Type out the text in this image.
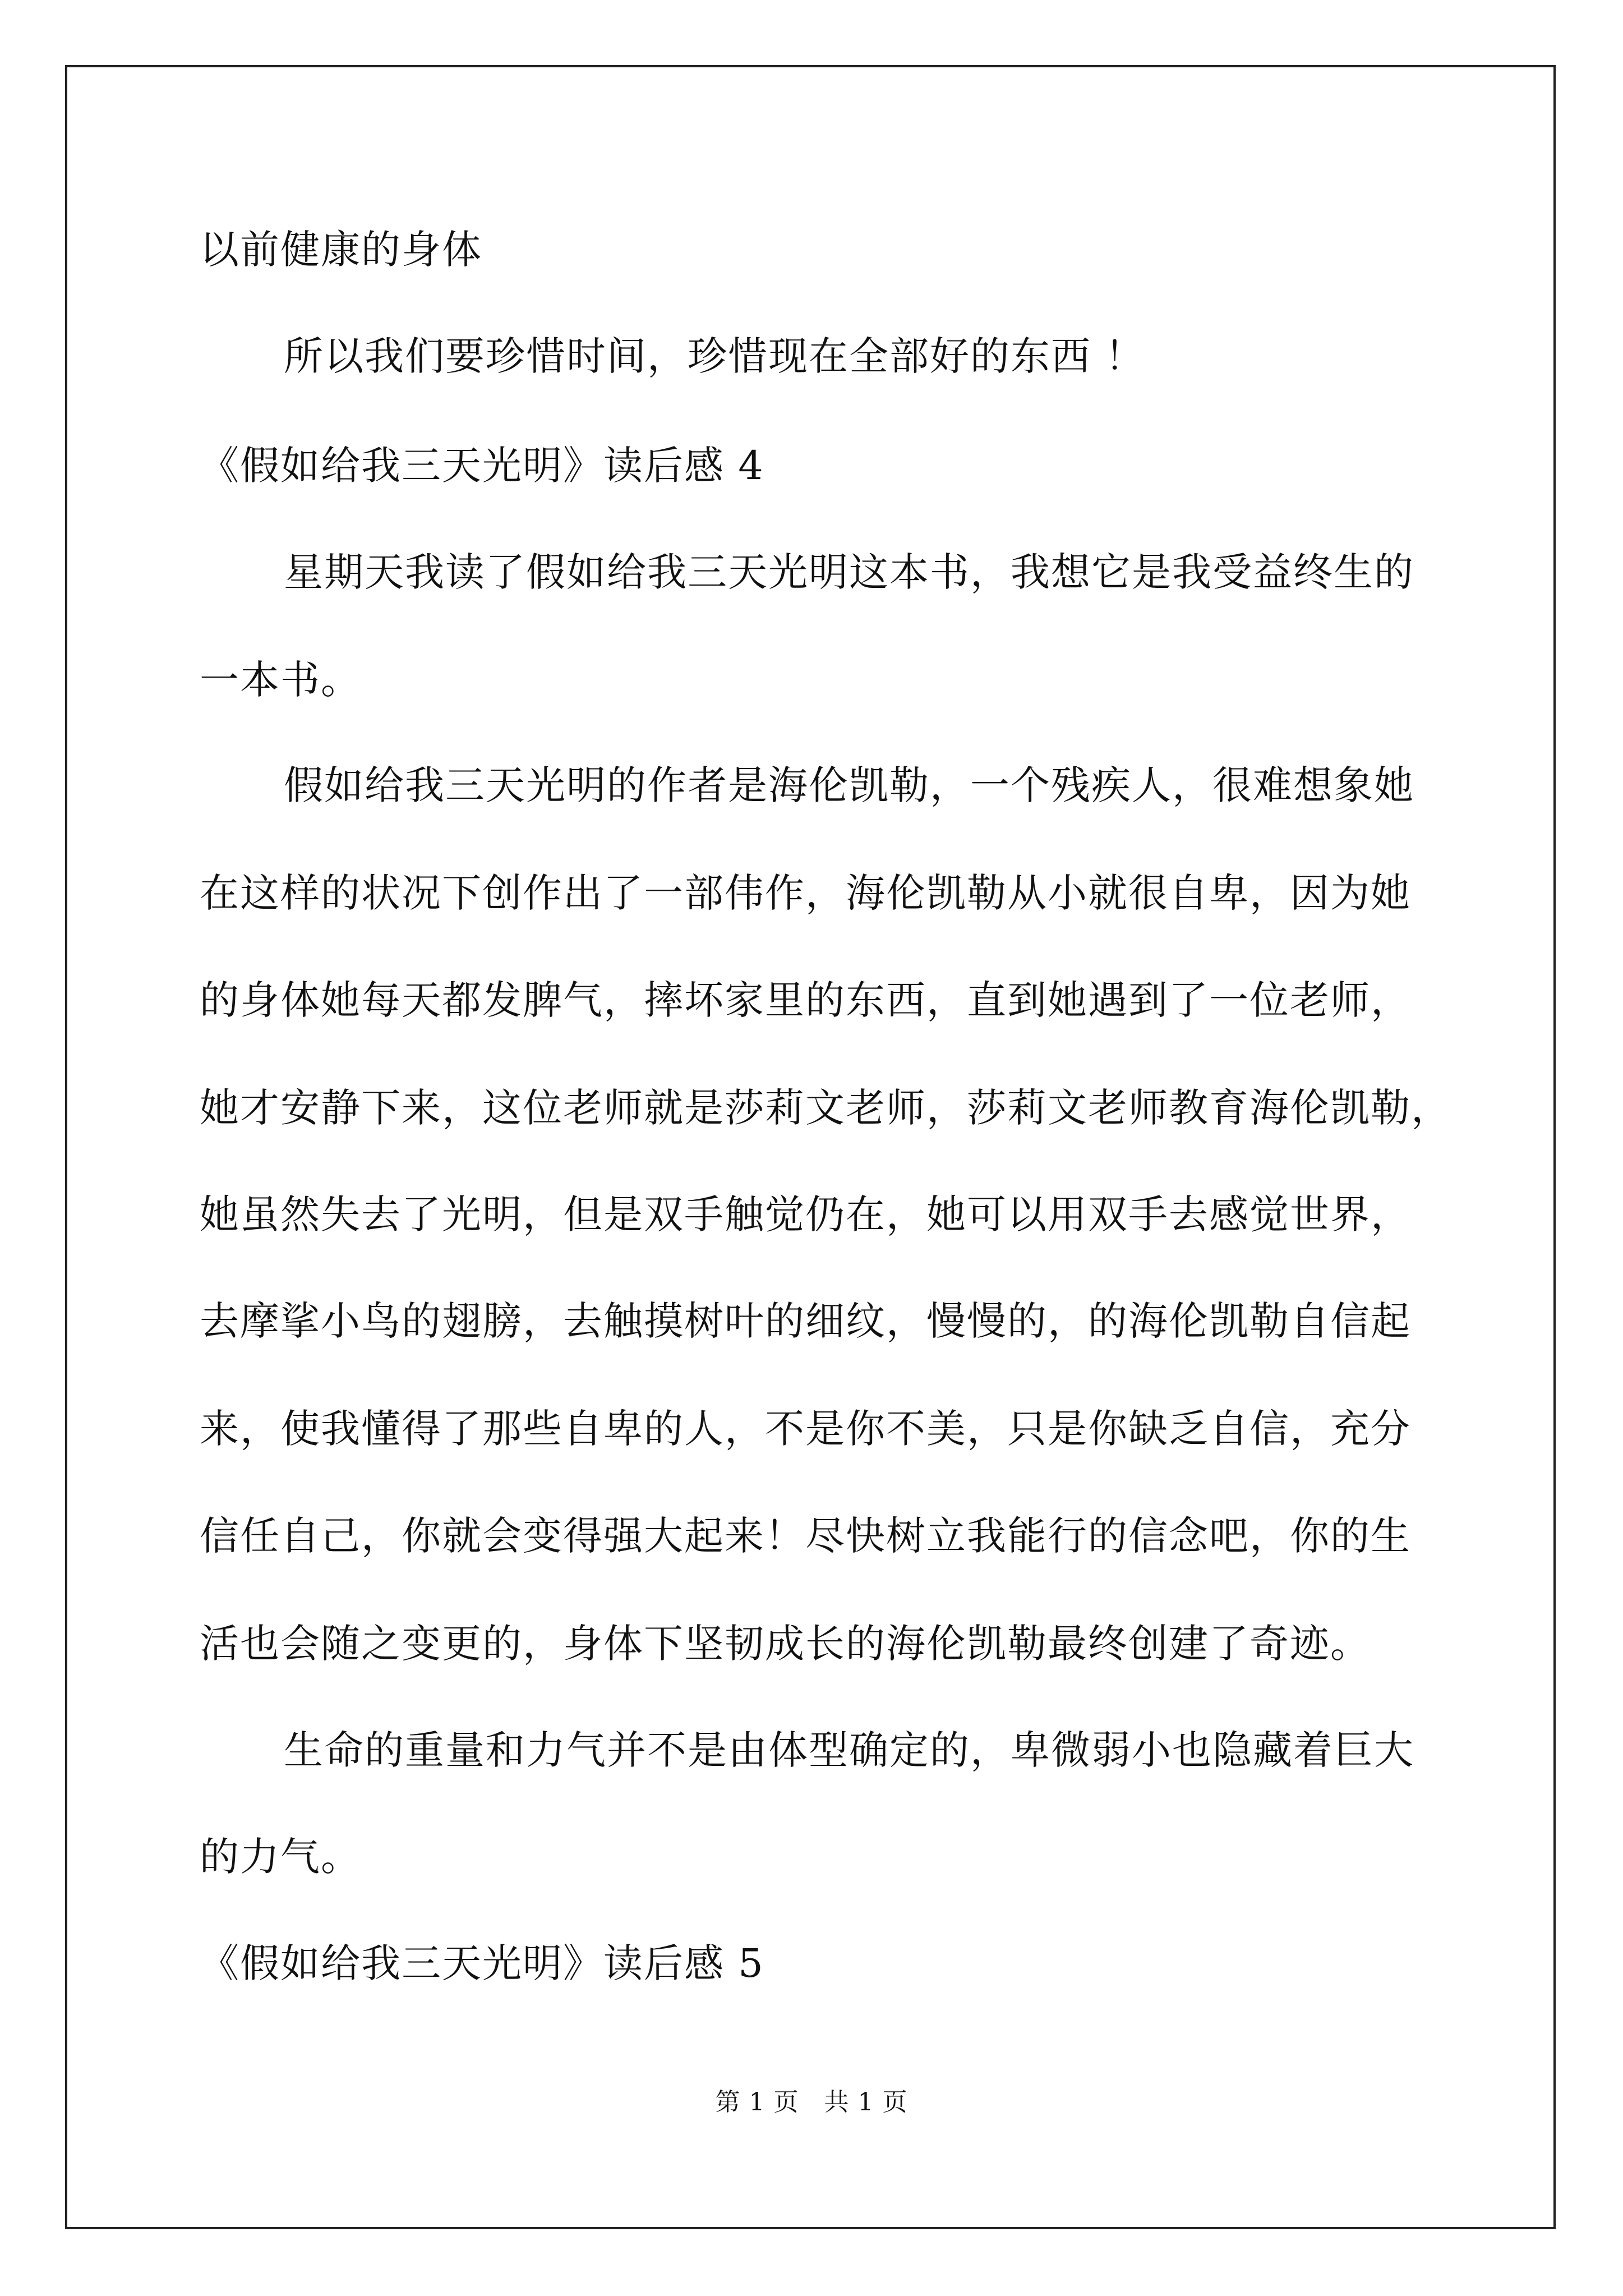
以前健康的身体
所以我们要珍惜时间，珍惜现在全部好的东西 ！
《假如给我三天光明》读后感 4
星期天我读了假如给我三天光明这本书，我想它是我受益终生的
一本书。
假如给我三天光明的作者是海伦凯勒，一个残疾人，很难想象她
在这样的状况下创作出了一部伟作，海伦凯勒从小就很自卑，因为她
的身体她每天都发脾气，摔坏家里的东西，直到她遇到了一位老师，
她才安静下来，这位老师就是莎莉文老师，莎莉文老师教育海伦凯勒，
她虽然失去了光明，但是双手触觉仍在，她可以用双手去感觉世界，
去摩挲小鸟的翅膀，去触摸树叶的细纹，慢慢的，的海伦凯勒自信起
来，使我懂得了那些自卑的人，不是你不美，只是你缺乏自信，充分
信任自己，你就会变得强大起来！尽快树立我能行的信念吧，你的生
活也会随之变更的，身体下坚韧成长的海伦凯勒最终创建了奇迹。
生命的重量和力气并不是由体型确定的，卑微弱小也隐藏着巨大
的力气。
《假如给我三天光明》读后感 5
第 1 页　共 1 页
